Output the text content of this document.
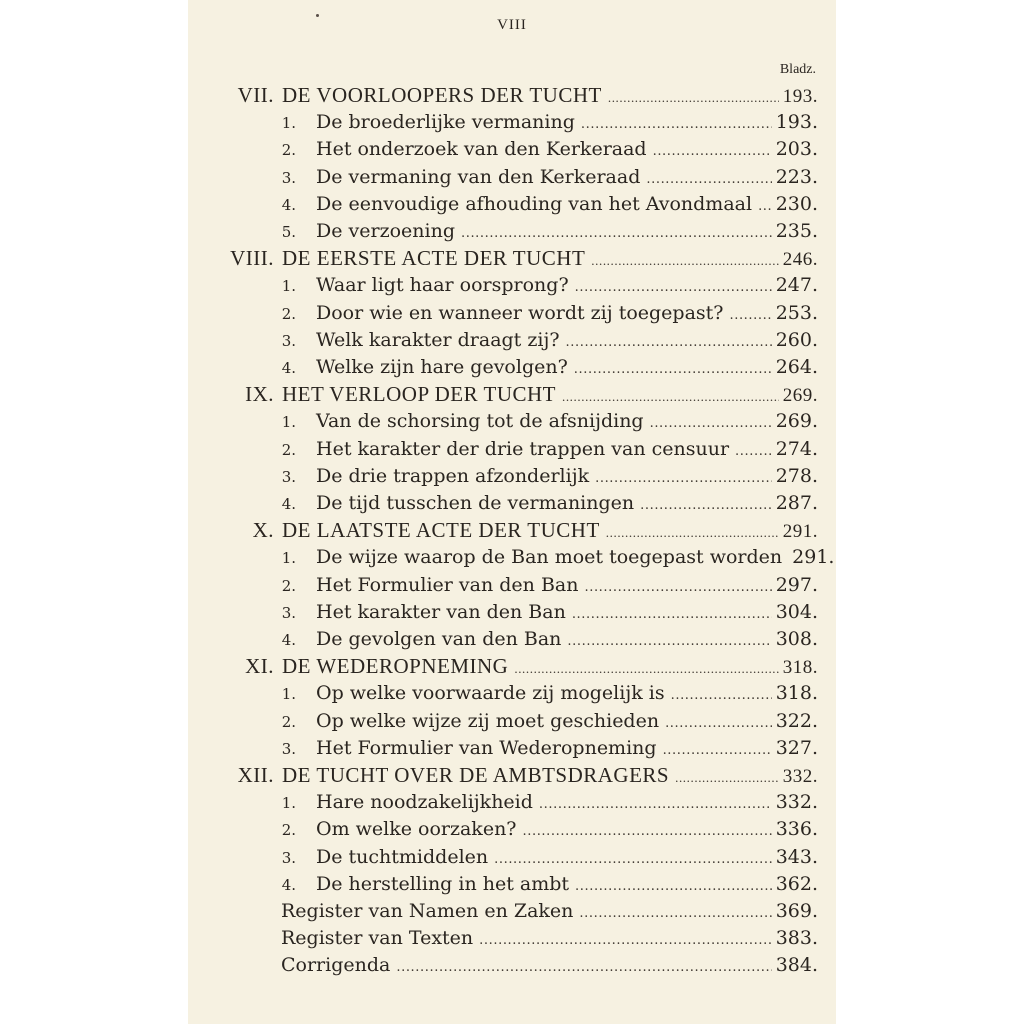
VIII
Bladz.
VII. DE VOORLOOPERS DER TUCHT .....	193.
1.	De broederlijke vermaning .....	193.
2.	Het onderzoek van den Kerkeraad .....	203.
3.	De vermaning van den Kerkeraad .....	223.
4.	De eenvoudige afhouding van het Avondmaal .....	230.
5.	De verzoening .....	235.
VIII. DE EERSTE ACTE DER TUCHT .....	246.
1.	Waar ligt haar oorsprong? .....	247.
2.	Door wie en wanneer wordt zij toegepast? .....	253.
3.	Welk karakter draagt zij? .....	260.
4.	Welke zijn hare gevolgen? .....	264.
IX. HET VERLOOP DER TUCHT .....	269.
1.	Van de schorsing tot de afsnijding .....	269.
2.	Het karakter der drie trappen van censuur .....	274.
3.	De drie trappen afzonderlijk .....	278.
4.	De tijd tusschen de vermaningen .....	287.
X. DE LAATSTE ACTE DER TUCHT .....	291.
1.	De wijze waarop de Ban moet toegepast worden 291.
2.	Het Formulier van den Ban .....	297.
3.	Het karakter van den Ban .....	304.
4.	De gevolgen van den Ban .....	308.
XI. DE WEDEROPNEMING .....	318.
1.	Op welke voorwaarde zij mogelijk is .....	318.
2.	Op welke wijze zij moet geschieden .....	322.
3.	Het Formulier van Wederopneming .....	327.
XII. DE TUCHT OVER DE AMBTSDRAGERS .....	332.
1.	Hare noodzakelijkheid .....	332.
2.	Om welke oorzaken? .....	336.
3.	De tuchtmiddelen .....	343.
4.	De herstelling in het ambt .....	362.
Register van Namen en Zaken .....	369.
Register van Texten .....	383.
Corrigenda .....	384.
